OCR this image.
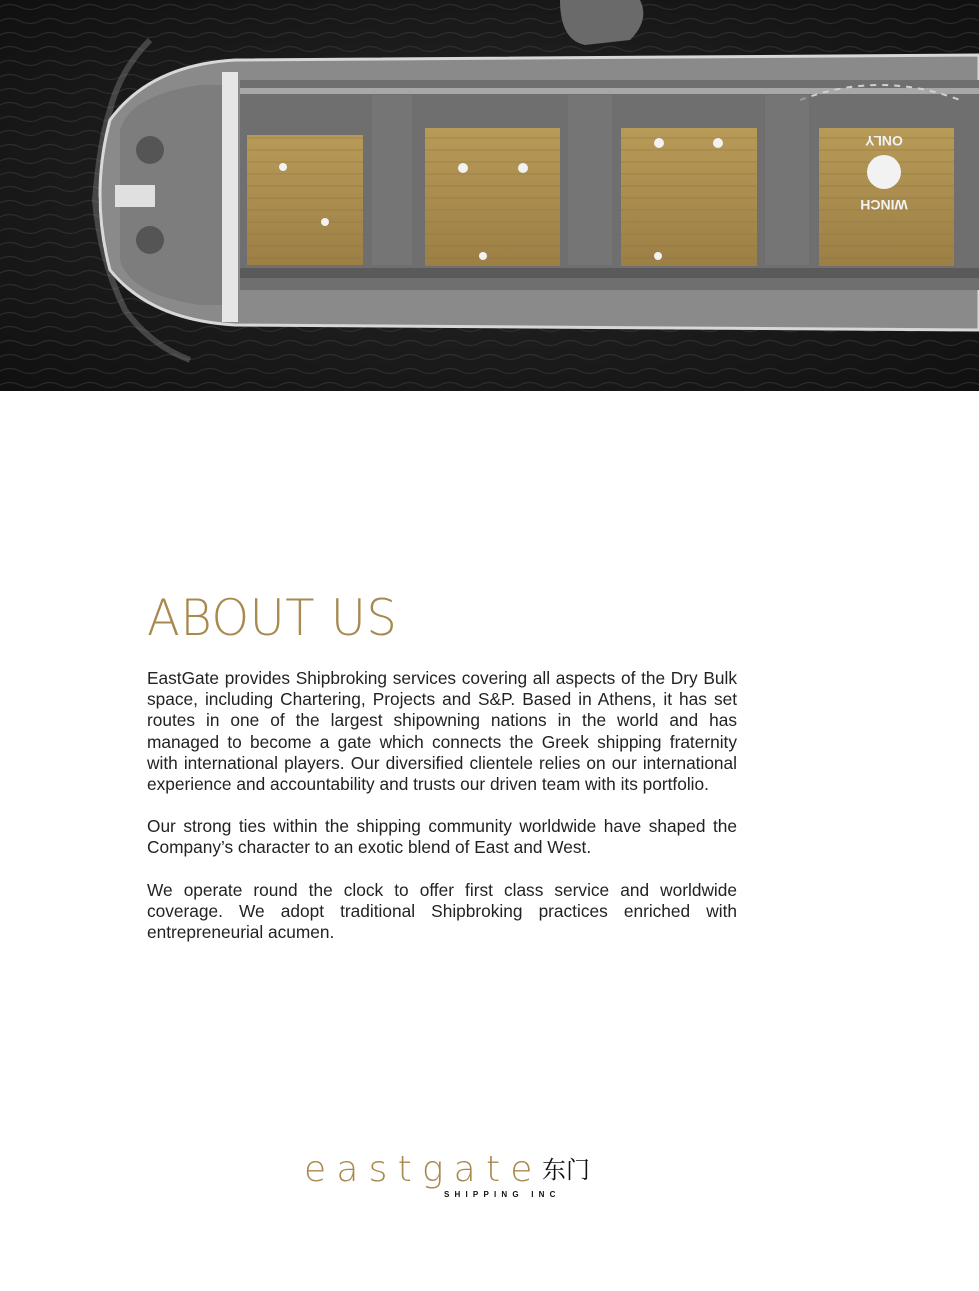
ONLY
WINCH
ABOUT US

EastGate provides Shipbroking services covering all aspects of the Dry Bulk space, including Chartering, Projects and S&P. Based in Athens, it has set routes in one of the largest shipowning nations in the world and has managed to become a gate which connects the Greek shipping fraternity with international players. Our diversified clientele relies on our international experience and accountability and trusts our driven team with its portfolio.

Our strong ties within the shipping community worldwide have shaped the Company’s character to an exotic blend of East and West.

We operate round the clock to offer first class service and worldwide coverage. We adopt traditional Shipbroking practices enriched with entrepreneurial acumen.

eastgate 东门
SHIPPING INC
